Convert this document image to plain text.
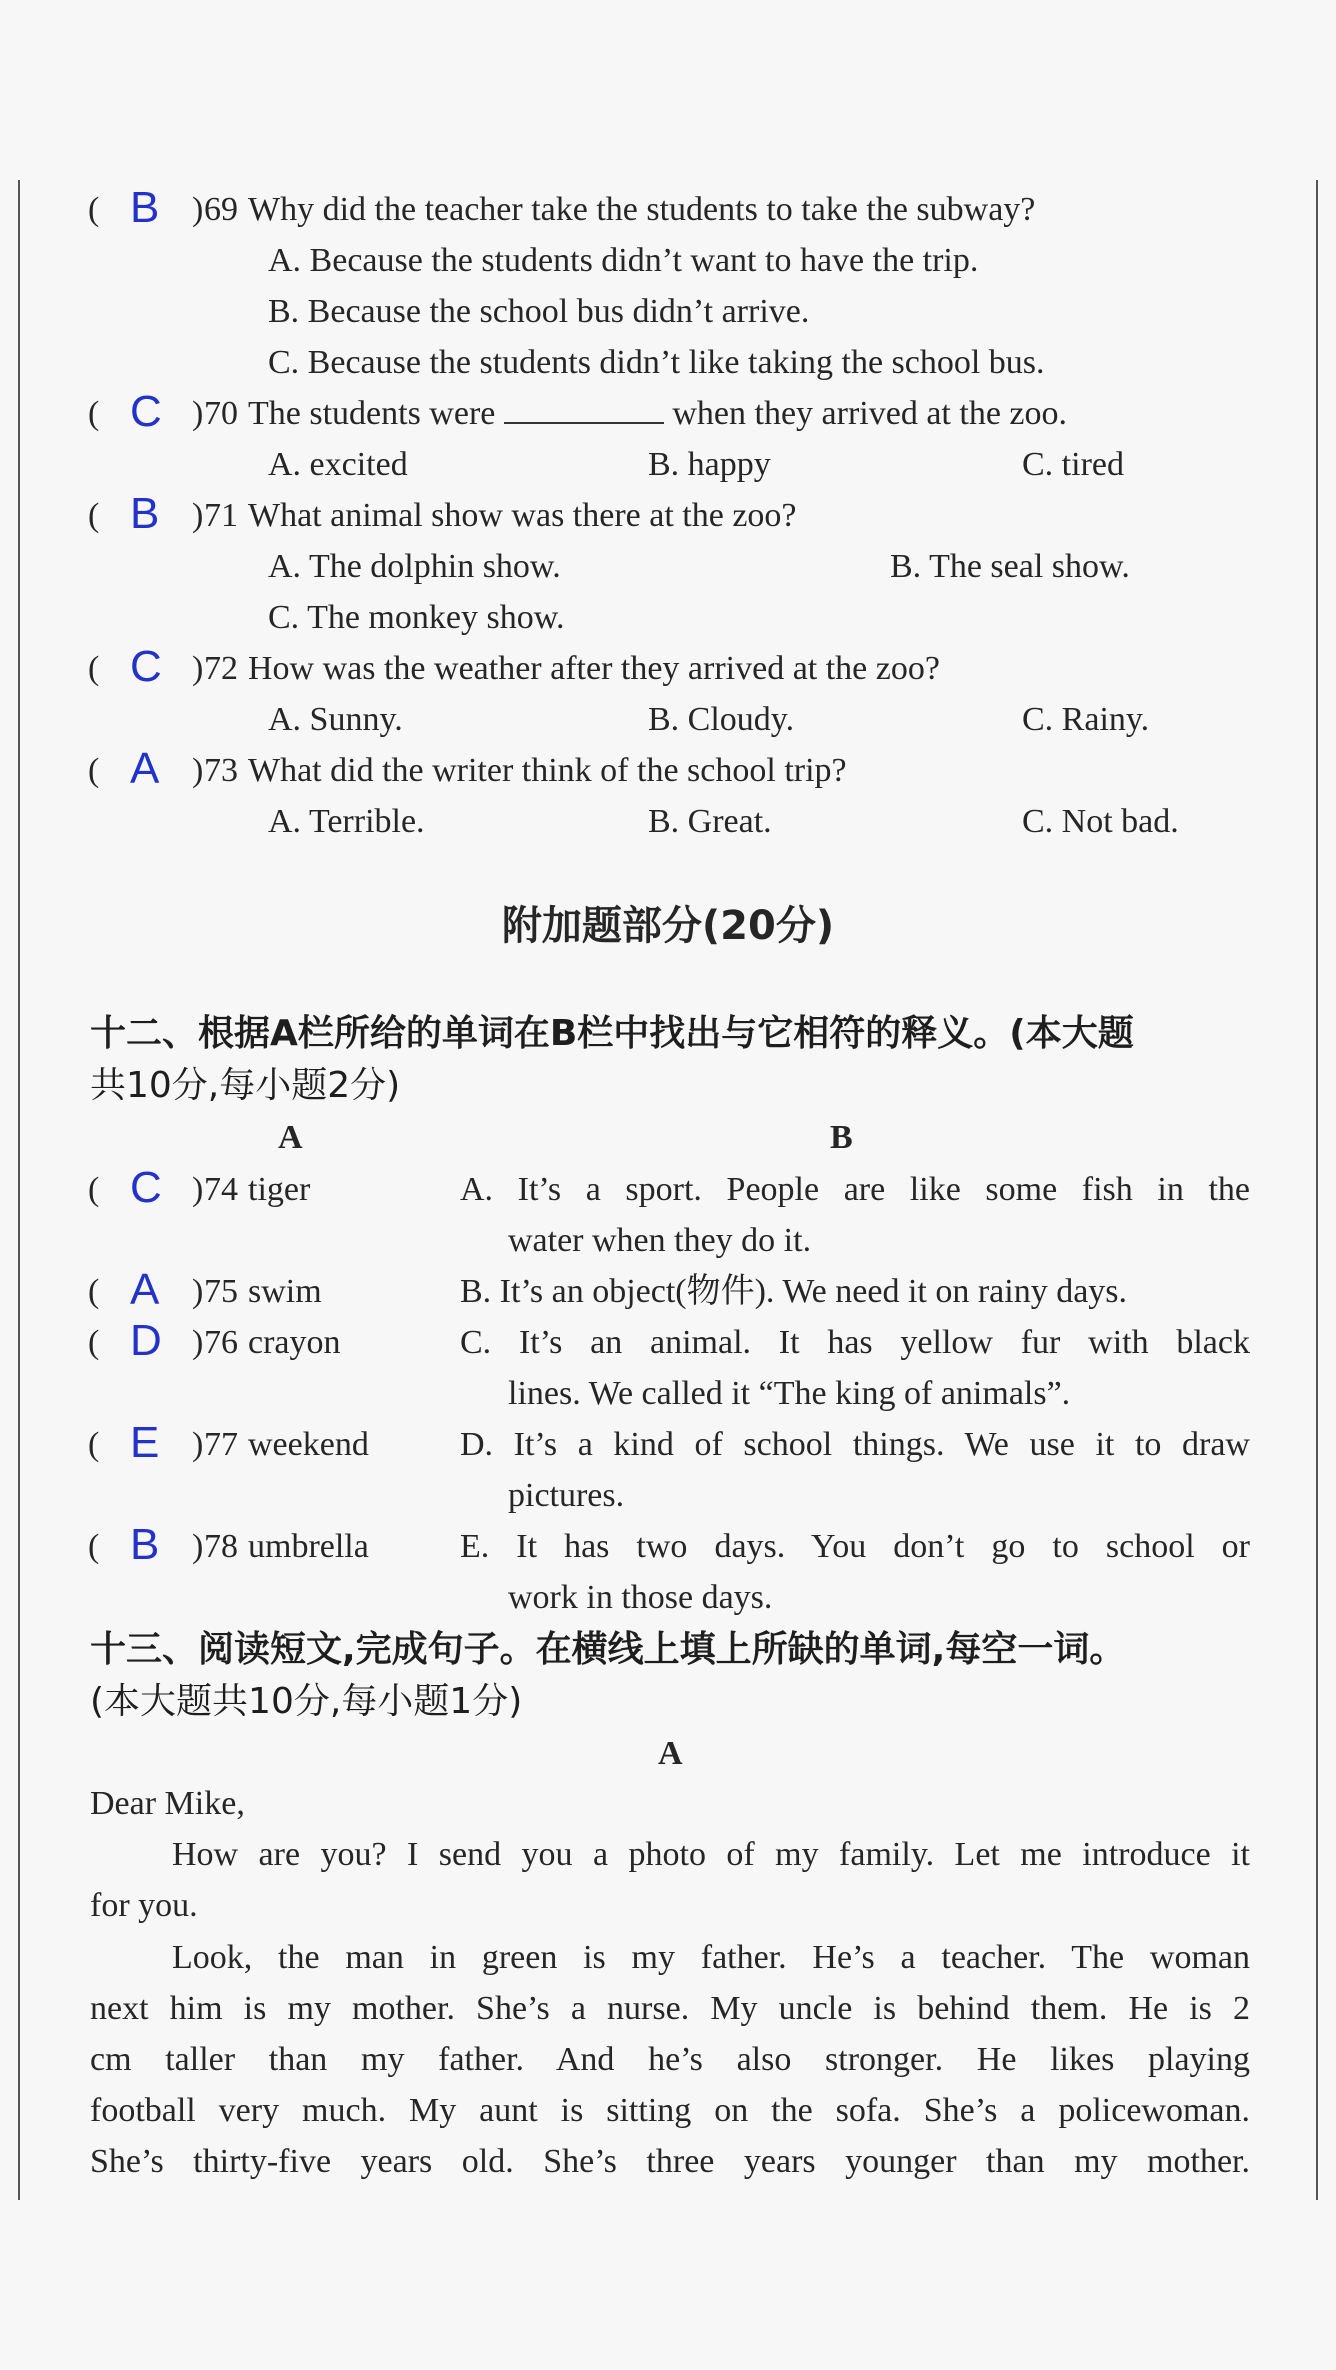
( B ) 69 Why did the teacher take the students to take the subway?
A. Because the students didn’t want to have the trip.
B. Because the school bus didn’t arrive.
C. Because the students didn’t like taking the school bus.
( C ) 70 The students were	when they arrived at the zoo.
A. excited	B. happy	C. tired
( B ) 71 What animal show was there at the zoo?
A. The dolphin show.	B. The seal show.
C. The monkey show.
( C ) 72 How was the weather after they arrived at the zoo?
A. Sunny.	B. Cloudy.	C. Rainy.
( A ) 73 What did the writer think of the school trip?
A. Terrible.	B. Great.	C. Not bad.
附加题部分(20分)
十二、根据A栏所给的单词在B栏中找出与它相符的释义。(本大题
共10分,每小题2分)
A	B
( C ) 74 tiger	A. It’s a sport. People are like some fish in the
water when they do it.
( A ) 75 swim	B. It’s an object(物件). We need it on rainy days.
( D ) 76 crayon	C. It’s an animal. It has yellow fur with black
lines. We called it “The king of animals”.
( E ) 77 weekend	D. It’s a kind of school things. We use it to draw
pictures.
( B ) 78 umbrella	E. It has two days. You don’t go to school or
work in those days.
十三、阅读短文,完成句子。在横线上填上所缺的单词,每空一词。
(本大题共10分,每小题1分)
A
Dear Mike,
How are you? I send you a photo of my family. Let me introduce it
for you.
Look, the man in green is my father. He’s a teacher. The woman
next him is my mother. She’s a nurse. My uncle is behind them. He is 2
cm taller than my father. And he’s also stronger. He likes playing
football very much. My aunt is sitting on the sofa. She’s a policewoman.
She’s thirty-five years old. She’s three years younger than my mother.
